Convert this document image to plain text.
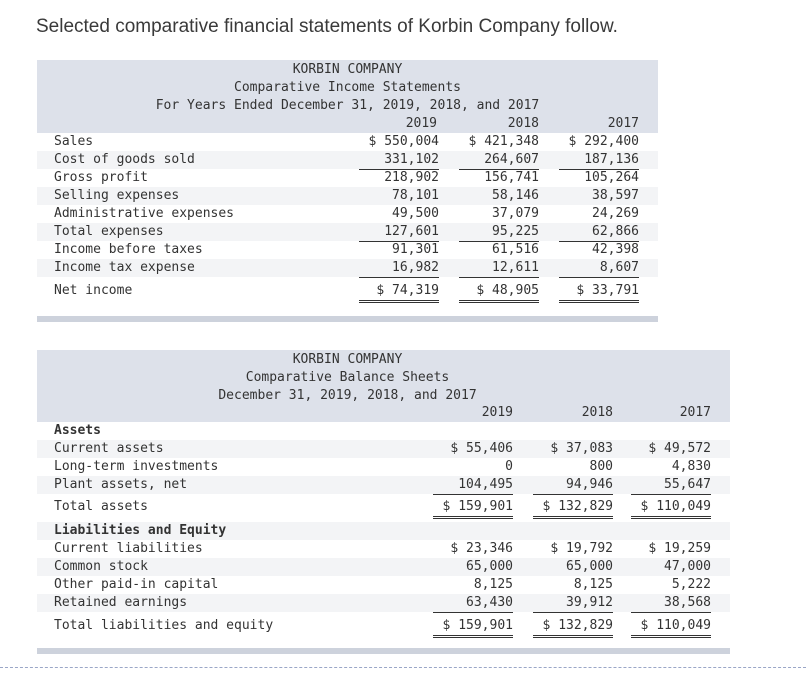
Selected comparative financial statements of Korbin Company follow.
KORBIN COMPANY
Comparative Income Statements
For Years Ended December 31, 2019, 2018, and 2017
2019	2018	2017
Sales	$ 550,004	$ 421,348	$ 292,400
Cost of goods sold	331,102	264,607	187,136
Gross profit	218,902	156,741	105,264
Selling expenses	78,101	58,146	38,597
Administrative expenses	49,500	37,079	24,269
Total expenses	127,601	95,225	62,866
Income before taxes	91,301	61,516	42,398
Income tax expense	16,982	12,611	8,607
Net income	$ 74,319	$ 48,905	$ 33,791
KORBIN COMPANY
Comparative Balance Sheets
December 31, 2019, 2018, and 2017
2019	2018	2017
Assets
Current assets	$ 55,406	$ 37,083	$ 49,572
Long-term investments	0	800	4,830
Plant assets, net	104,495	94,946	55,647
Total assets	$ 159,901	$ 132,829	$ 110,049
Liabilities and Equity
Current liabilities	$ 23,346	$ 19,792	$ 19,259
Common stock	65,000	65,000	47,000
Other paid-in capital	8,125	8,125	5,222
Retained earnings	63,430	39,912	38,568
Total liabilities and equity	$ 159,901	$ 132,829	$ 110,049
